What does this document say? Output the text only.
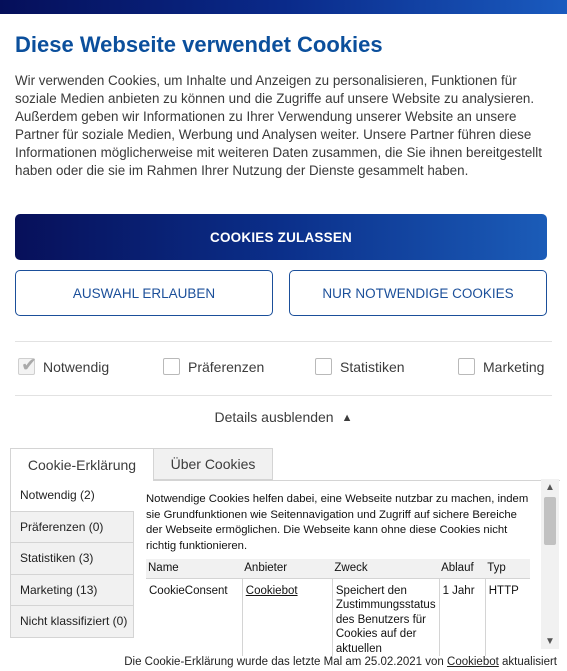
Diese Webseite verwendet Cookies

Wir verwenden Cookies, um Inhalte und Anzeigen zu personalisieren, Funktionen für soziale Medien anbieten zu können und die Zugriffe auf unsere Website zu analysieren. Außerdem geben wir Informationen zu Ihrer Verwendung unserer Website an unsere Partner für soziale Medien, Werbung und Analysen weiter. Unsere Partner führen diese Informationen möglicherweise mit weiteren Daten zusammen, die Sie ihnen bereitgestellt haben oder die sie im Rahmen Ihrer Nutzung der Dienste gesammelt haben.

COOKIES ZULASSEN
AUSWAHL ERLAUBEN	NUR NOTWENDIGE COOKIES
✔ Notwendig	Präferenzen	Statistiken	Marketing
Details ausblenden ▲
Cookie-Erklärung	Über Cookies
Notwendig (2)
Präferenzen (0)
Statistiken (3)
Marketing (13)
Nicht klassifiziert (0)

Notwendige Cookies helfen dabei, eine Webseite nutzbar zu machen, indem sie Grundfunktionen wie Seitennavigation und Zugriff auf sichere Bereiche der Webseite ermöglichen. Die Webseite kann ohne diese Cookies nicht richtig funktionieren.

Name	Anbieter	Zweck	Ablauf	Typ
CookieConsent	Cookiebot	Speichert den Zustimmungsstatus des Benutzers für Cookies auf der aktuellen	1 Jahr	HTTP
▲
▼
Die Cookie-Erklärung wurde das letzte Mal am 25.02.2021 von Cookiebot aktualisiert
